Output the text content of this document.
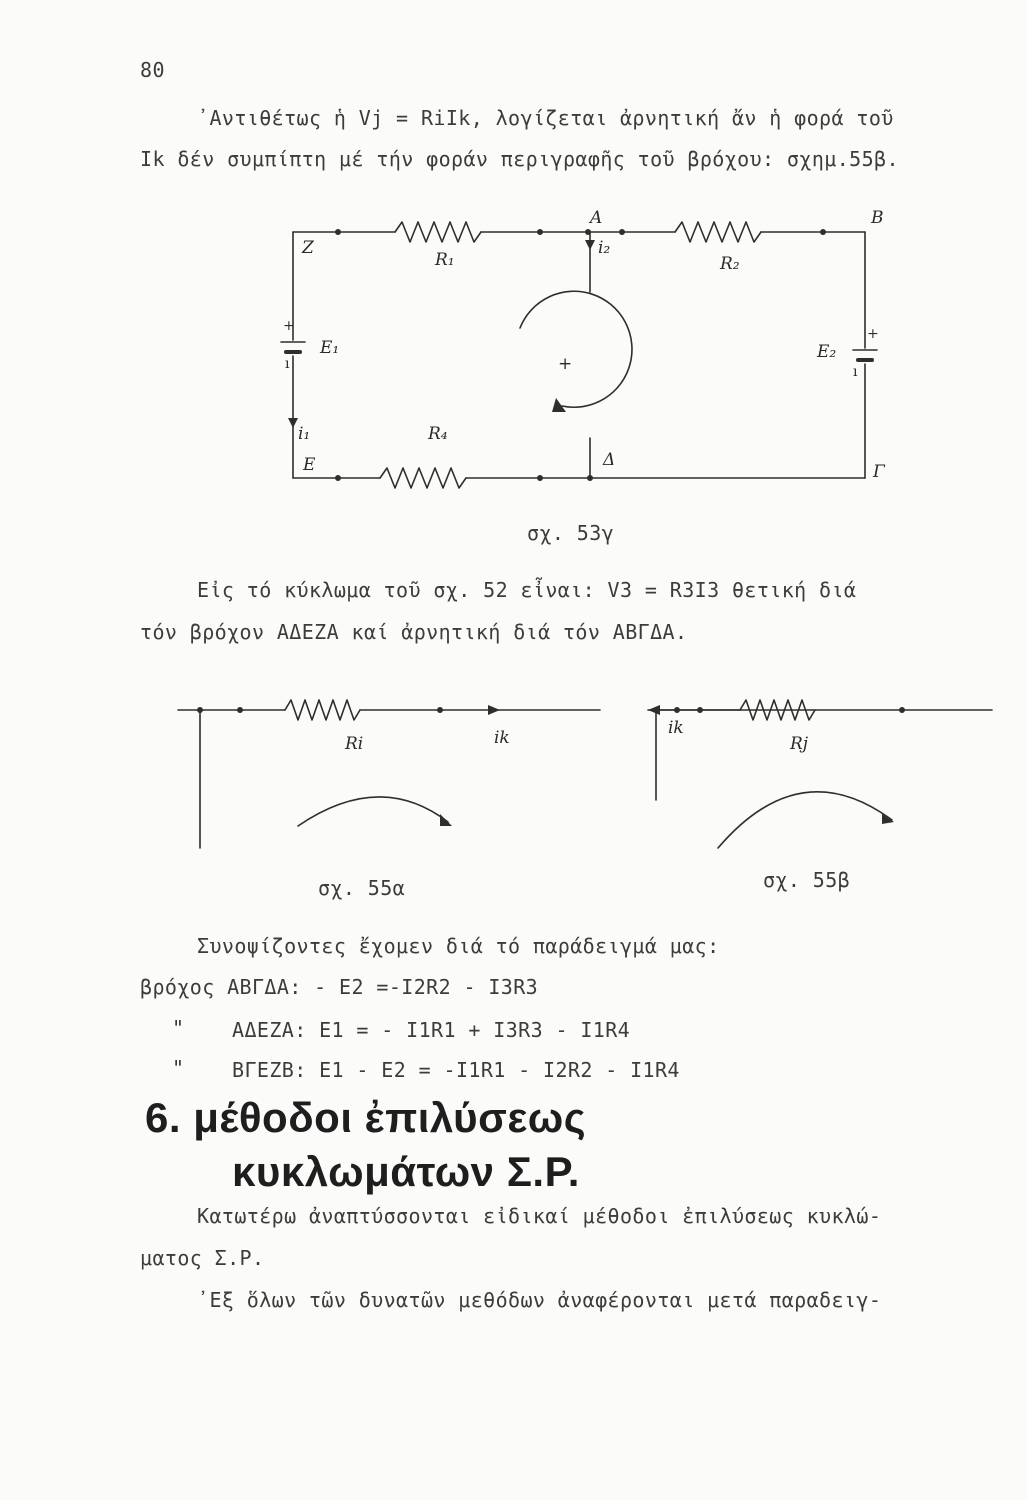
80
᾿Αντιθέτως ἡ Vj = RiIk, λογίζεται ἀρνητική ἄν ἡ φορά τοῦ
Ik δέν συμπίπτη μέ τήν φοράν περιγραφῆς τοῦ βρόχου: σχημ.55β.
Z
A	B
E	Δ
Γ
R₁	R₂
R₄
E₁	E₂
i₁
i₂
+
+
ı
+
ı
σχ. 53γ
Εἰς τό κύκλωμα τοῦ σχ. 52 εἶναι: V3 = R3I3 θετική διά
τόν βρόχον ΑΔΕΖΑ καί ἀρνητική διά τόν ΑΒΓΔΑ.
Ri	ik	ik
Rj
σχ. 55α	σχ. 55β
Συνοψίζοντες ἔχομεν διά τό παράδειγμά μας:
βρόχος ΑΒΓΔΑ: - E2 =-I2R2 - I3R3
" ΑΔΕΖΑ: E1 = - I1R1 + I3R3 - I1R4
" ΒΓΕΖΒ: E1 - E2 = -I1R1 - I2R2 - I1R4
6. μέθοδοι ἐπιλύσεως
κυκλωμάτων Σ.Ρ.
Κατωτέρω ἀναπτύσσονται εἰδικαί μέθοδοι ἐπιλύσεως κυκλώ-
ματος Σ.Ρ.
᾿Εξ ὅλων τῶν δυνατῶν μεθόδων ἀναφέρονται μετά παραδειγ-
